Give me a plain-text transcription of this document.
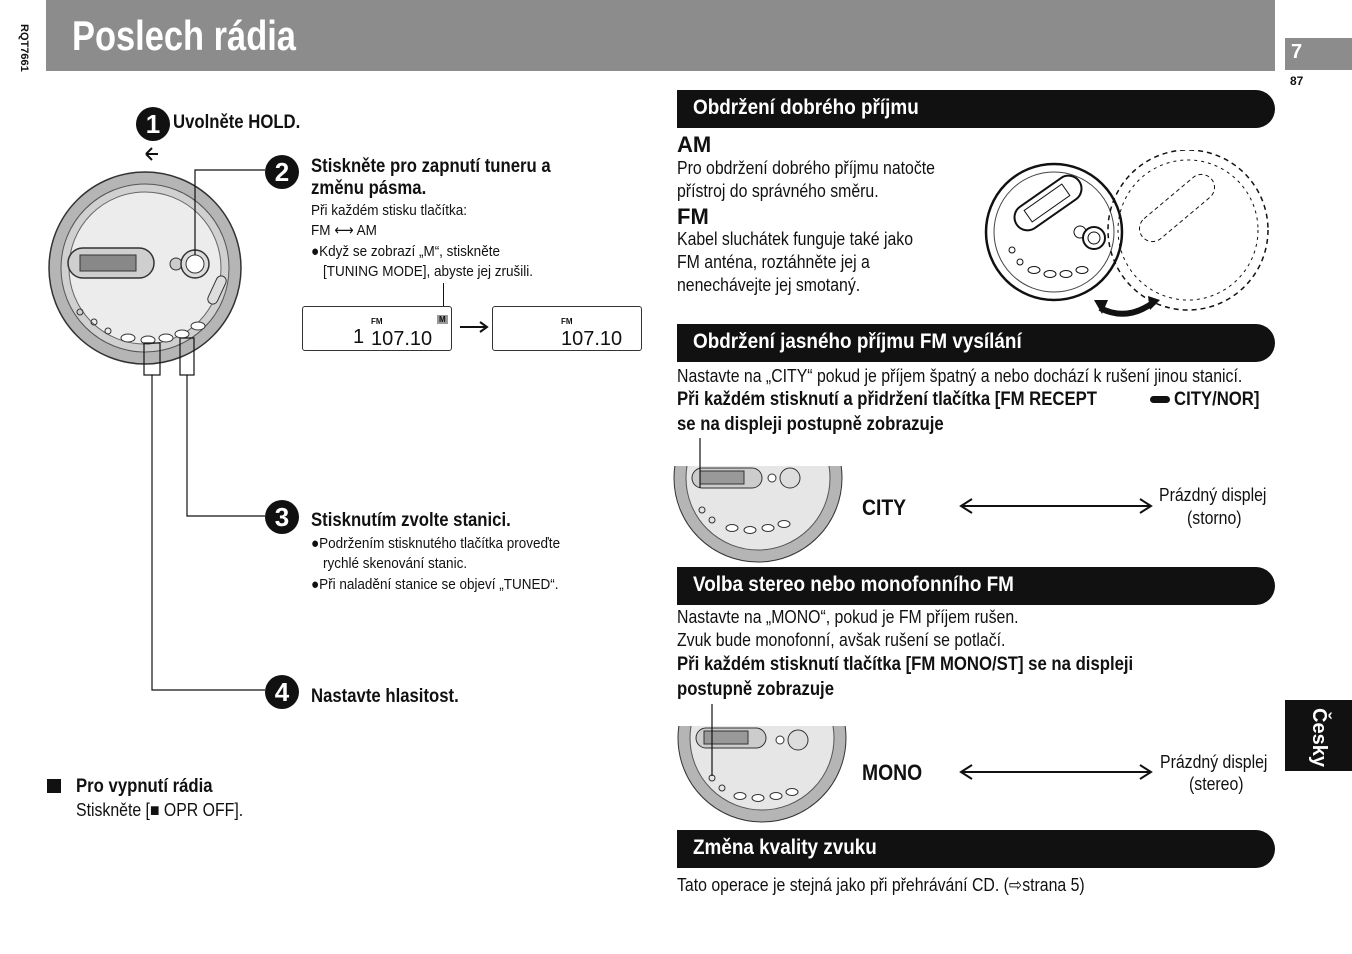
Poslech rádia
RQT7661	7
87
Česky
1 Uvolněte HOLD.
2	Stiskněte pro zapnutí tuneru a
změnu pásma.
Při každém stisku tlačítka:
FM ⟷ AM
●Když se zobrazí „M“, stiskněte
[TUNING MODE], abyste jej zrušili.
FM	M
1 107.10
FM
107.10
3	Stisknutím zvolte stanici.
●Podržením stisknutého tlačítka proveďte
rychlé skenování stanic.
●Při naladění stanice se objeví „TUNED“.
4	Nastavte hlasitost.
Pro vypnutí rádia
Stiskněte [■ OPR OFF].
Obdržení dobrého příjmu
AM
Pro obdržení dobrého příjmu natočte
přístroj do správného směru.
FM
Kabel sluchátek funguje také jako
FM anténa, roztáhněte jej a
nenechávejte jej smotaný.
Obdržení jasného příjmu FM vysílání
Nastavte na „CITY“ pokud je příjem špatný a nebo dochází k rušení jinou stanicí.
Při každém stisknutí a přidržení tlačítka [FM RECEPT	CITY/NOR]
se na displeji postupně zobrazuje
CITY	Prázdný displej
(storno)
Volba stereo nebo monofonního FM
Nastavte na „MONO“, pokud je FM příjem rušen.
Zvuk bude monofonní, avšak rušení se potlačí.
Při každém stisknutí tlačítka [FM MONO/ST] se na displeji
postupně zobrazuje
MONO	Prázdný displej
(stereo)
Změna kvality zvuku
Tato operace je stejná jako při přehrávání CD. (⇨strana 5)
